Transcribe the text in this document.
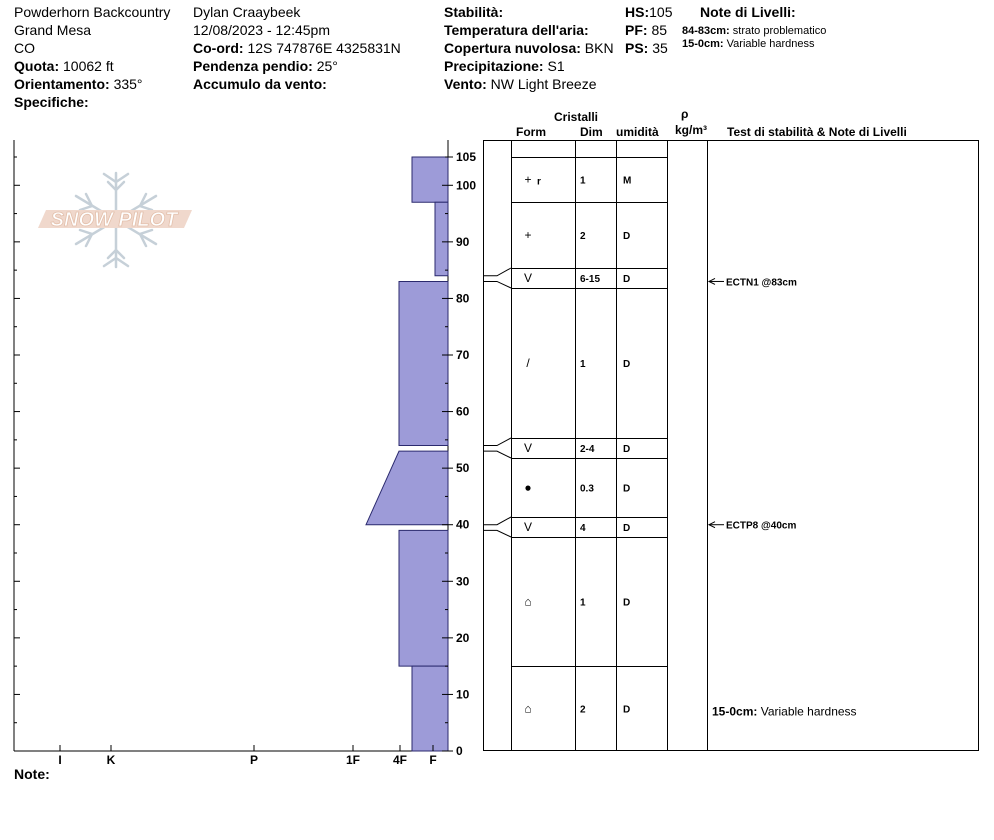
Powderhorn Backcountry
Grand Mesa
CO
Quota: 10062 ft
Orientamento: 335°
Specifiche:
Dylan Craaybeek
12/08/2023 - 12:45pm
Co-ord: 12S 747876E 4325831N
Pendenza pendio: 25°
Accumulo da vento:
Stabilità:
Temperatura dell'aria:
Copertura nuvolosa: BKN
Precipitazione: S1
Vento: NW Light Breeze
HS:105
PF: 85
PS: 35
Note di Livelli:
84-83cm: strato problematico
15-0cm: Variable hardness
Cristalli
Form	Dim umidità
ρ
kg/m³ Test di stabilità & Note di Livelli
SNOW PILOT
105
100
90
80
70
60
50
40
30
20
10
0
I	K	P	1F	4F F
+ r	1	M
+	2	D
V	6-15 D
/	1	D
V	2-4	D
●	0.3	D
V	4	D
⌂	1	D
⌂	2	D
ECTN1 @83cm
ECTP8 @40cm
15-0cm: Variable hardness
Note:
